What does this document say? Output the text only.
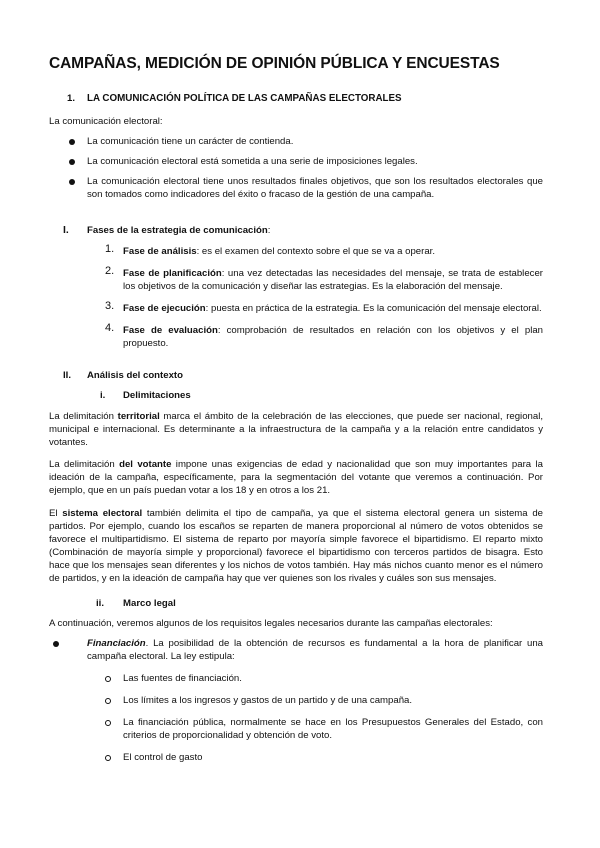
CAMPAÑAS, MEDICIÓN DE OPINIÓN PÚBLICA Y ENCUESTAS
1. LA COMUNICACIÓN POLÍTICA DE LAS CAMPAÑAS ELECTORALES
La comunicación electoral:
La comunicación tiene un carácter de contienda.
La comunicación electoral está sometida a una serie de imposiciones legales.
La comunicación electoral tiene unos resultados finales objetivos, que son los resultados electorales que son tomados como indicadores del éxito o fracaso de la gestión de una campaña.
I. Fases de la estrategia de comunicación:
1. Fase de análisis: es el examen del contexto sobre el que se va a operar.
2. Fase de planificación: una vez detectadas las necesidades del mensaje, se trata de establecer los objetivos de la comunicación y diseñar las estrategias. Es la elaboración del mensaje.
3. Fase de ejecución: puesta en práctica de la estrategia. Es la comunicación del mensaje electoral.
4. Fase de evaluación: comprobación de resultados en relación con los objetivos y el plan propuesto.
II. Análisis del contexto
i. Delimitaciones
La delimitación territorial marca el ámbito de la celebración de las elecciones, que puede ser nacional, regional, municipal e internacional. Es determinante a la infraestructura de la campaña y a la relación entre candidatos y votantes.
La delimitación del votante impone unas exigencias de edad y nacionalidad que son muy importantes para la ideación de la campaña, específicamente, para la segmentación del votante que veremos a continuación. Por ejemplo, que en un país puedan votar a los 18 y en otros a los 21.
El sistema electoral también delimita el tipo de campaña, ya que el sistema electoral genera un sistema de partidos. Por ejemplo, cuando los escaños se reparten de manera proporcional al número de votos obtenidos se favorece el multipartidismo. El sistema de reparto por mayoría simple favorece el bipartidismo. El reparto mixto (Combinación de mayoría simple y proporcional) favorece el bipartidismo con terceros partidos de bisagra. Esto hace que los mensajes sean diferentes y los nichos de votos también. Hay más nichos cuanto menor es el número de partidos, y en la ideación de campaña hay que ver quienes son los rivales y cuáles son sus mensajes.
ii. Marco legal
A continuación, veremos algunos de los requisitos legales necesarios durante las campañas electorales:
Financiación. La posibilidad de la obtención de recursos es fundamental a la hora de planificar una campaña electoral. La ley estipula:
Las fuentes de financiación.
Los límites a los ingresos y gastos de un partido y de una campaña.
La financiación pública, normalmente se hace en los Presupuestos Generales del Estado, con criterios de proporcionalidad y obtención de voto.
El control de gasto
